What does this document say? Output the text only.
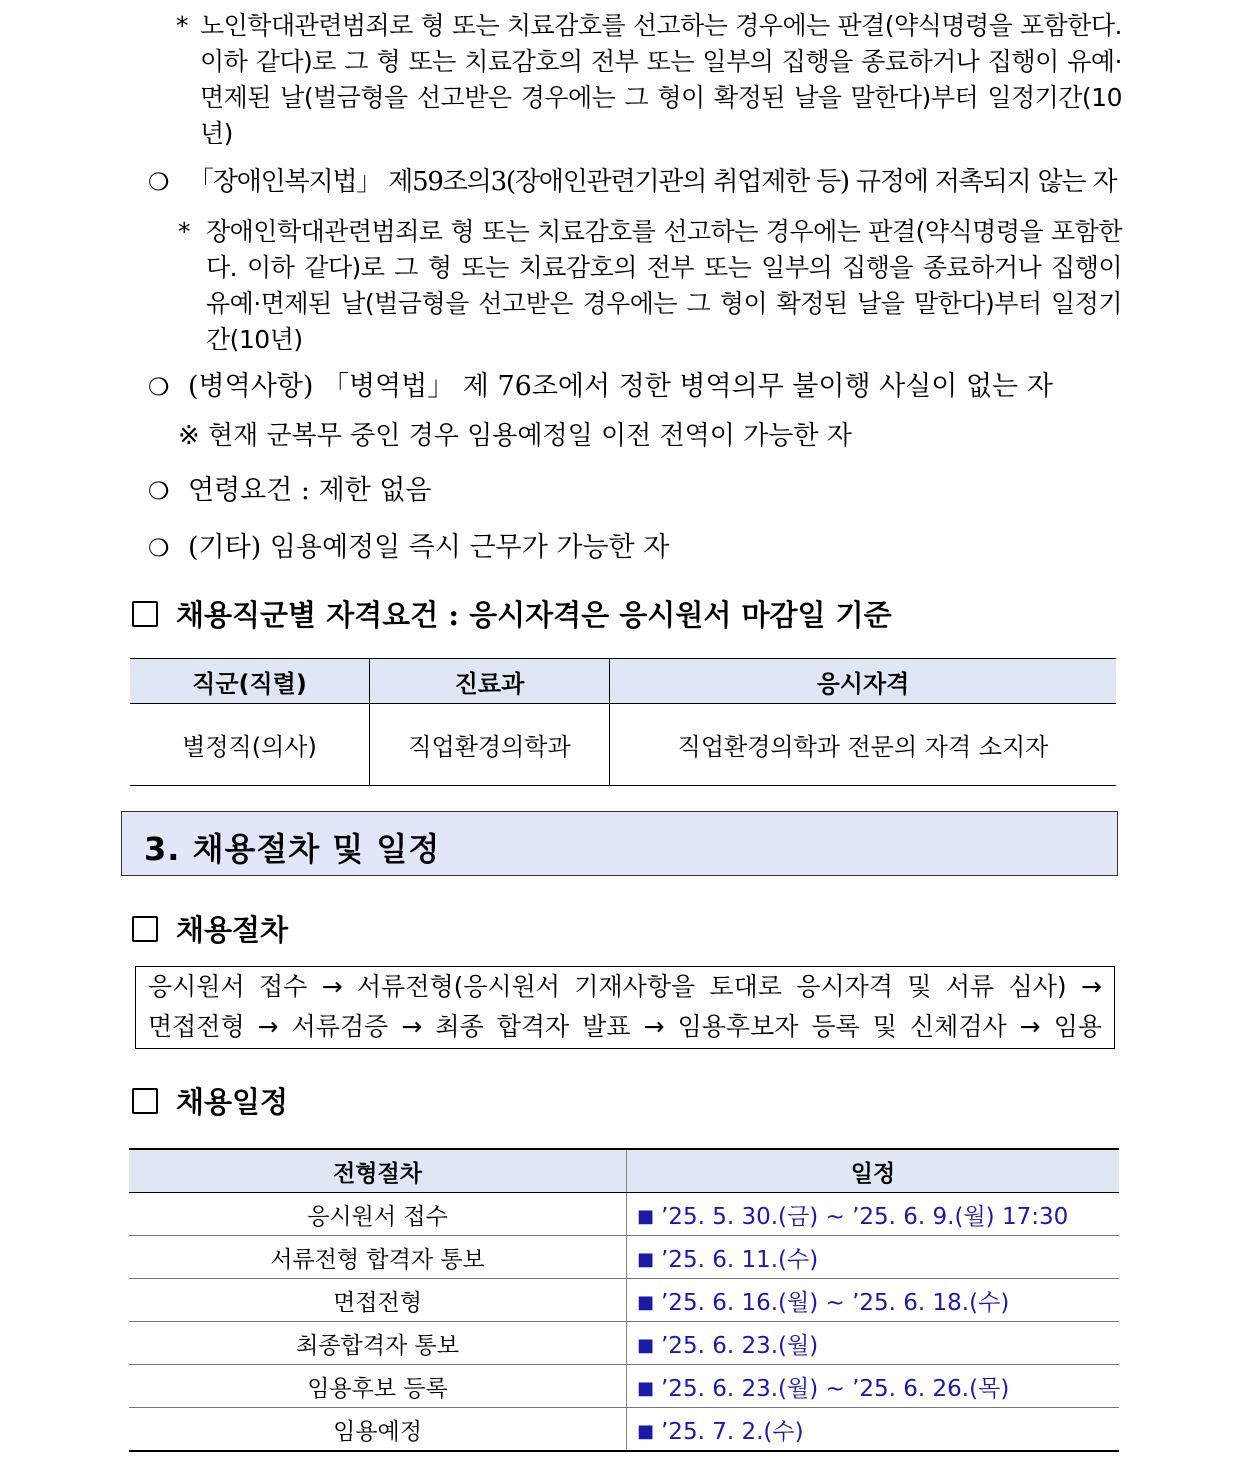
* 노인학대관련범죄로 형 또는 치료감호를 선고하는 경우에는 판결(약식명령을 포함한다. 이하 같다)로 그 형 또는 치료감호의 전부 또는 일부의 집행을 종료하거나 집행이 유예·면제된 날(벌금형을 선고받은 경우에는 그 형이 확정된 날을 말한다)부터 일정기간(10년)
❍ 「장애인복지법」 제59조의3(장애인관련기관의 취업제한 등) 규정에 저촉되지 않는 자
* 장애인학대관련범죄로 형 또는 치료감호를 선고하는 경우에는 판결(약식명령을 포함한다. 이하 같다)로 그 형 또는 치료감호의 전부 또는 일부의 집행을 종료하거나 집행이 유예·면제된 날(벌금형을 선고받은 경우에는 그 형이 확정된 날을 말한다)부터 일정기간(10년)
❍ (병역사항) 「병역법」 제 76조에서 정한 병역의무 불이행 사실이 없는 자
※ 현재 군복무 중인 경우 임용예정일 이전 전역이 가능한 자
❍ 연령요건 : 제한 없음
❍ (기타) 임용예정일 즉시 근무가 가능한 자
채용직군별 자격요건 : 응시자격은 응시원서 마감일 기준
직군(직렬)	진료과	응시자격
별정직(의사)	직업환경의학과	직업환경의학과 전문의 자격 소지자
3. 채용절차 및 일정
채용절차
응시원서 접수 → 서류전형(응시원서 기재사항을 토대로 응시자격 및 서류 심사) →
면접전형 → 서류검증 → 최종 합격자 발표 → 임용후보자 등록 및 신체검사 → 임용
채용일정
전형절차	일정
응시원서 접수	■ ’25. 5. 30.(금) ~ ’25. 6. 9.(월) 17:30
서류전형 합격자 통보	■ ’25. 6. 11.(수)
면접전형	■ ’25. 6. 16.(월) ~ ’25. 6. 18.(수)
최종합격자 통보	■ ’25. 6. 23.(월)
임용후보 등록	■ ’25. 6. 23.(월) ~ ’25. 6. 26.(목)
임용예정	■ ’25. 7. 2.(수)
